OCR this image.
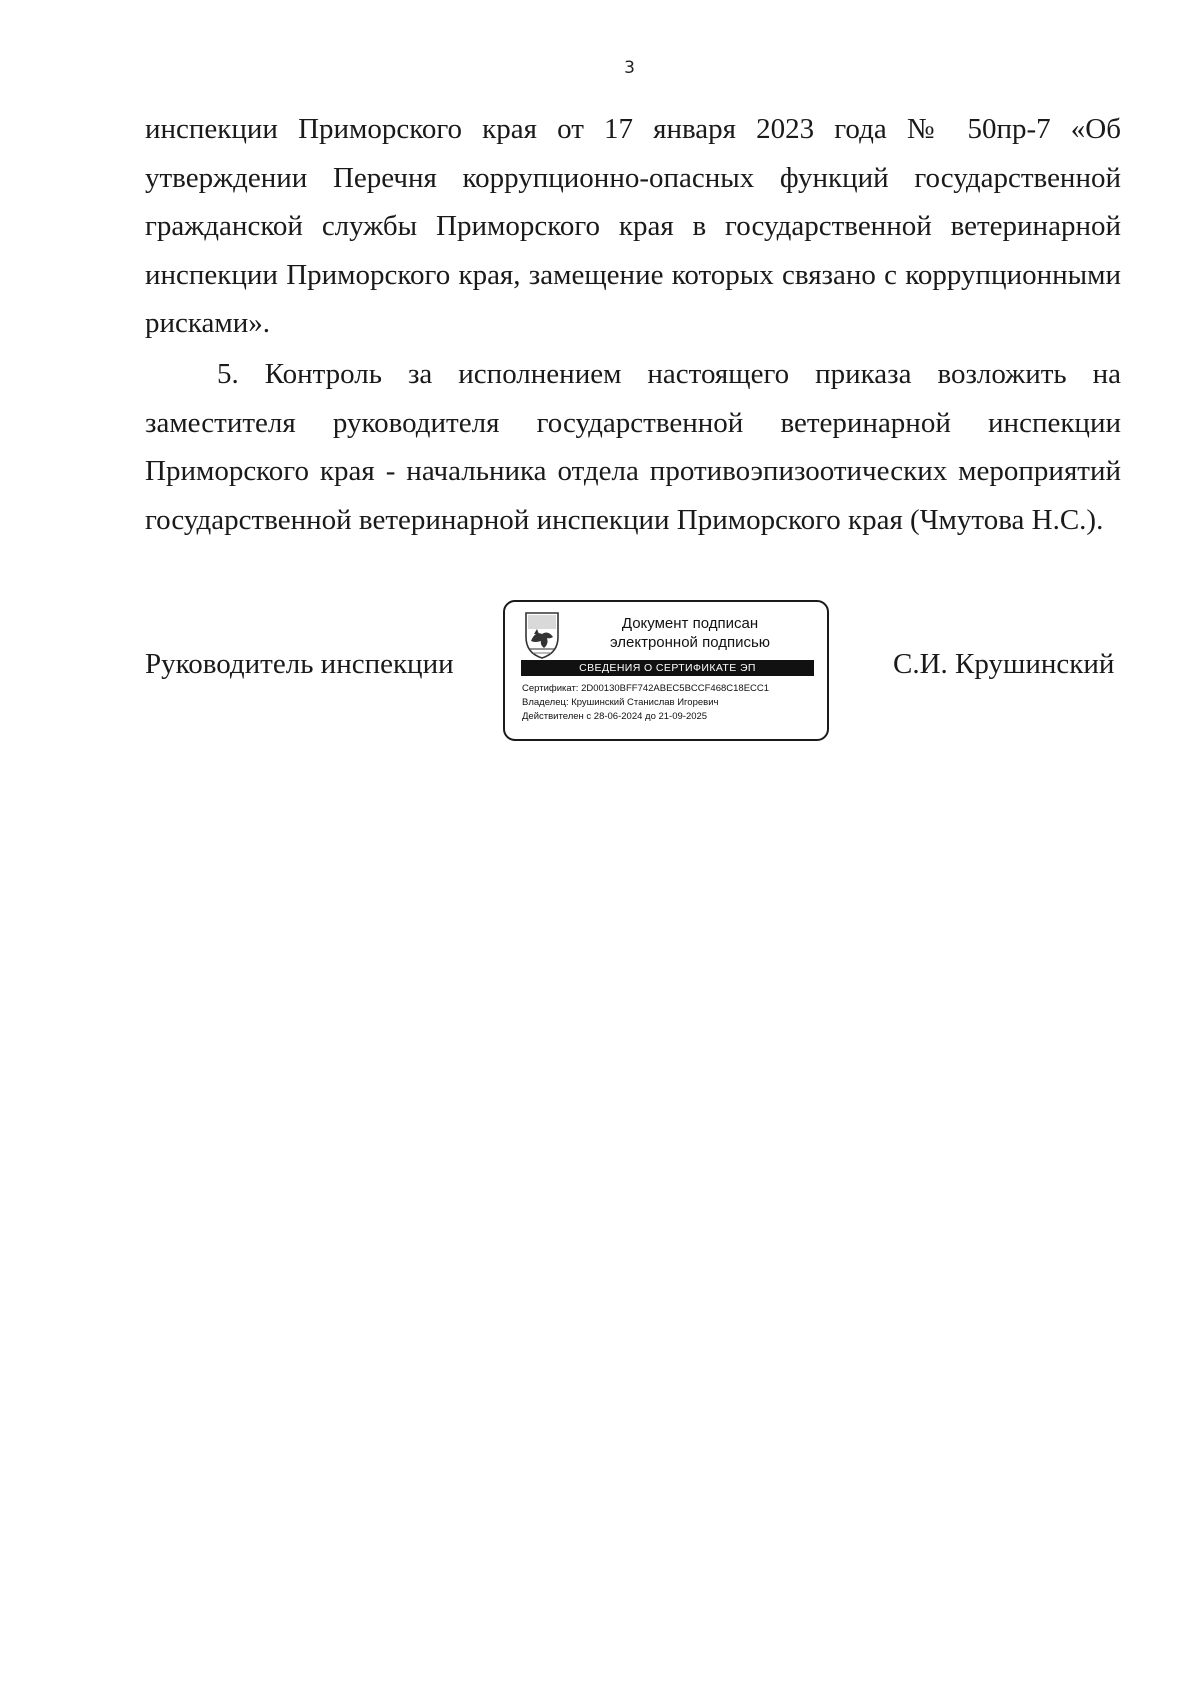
3

инспекции Приморского края от 17 января 2023 года № 50пр-7 «Об утверждении Перечня коррупционно-опасных функций государственной гражданской службы Приморского края в государственной ветеринарной инспекции Приморского края, замещение которых связано с коррупционными рисками».

5. Контроль за исполнением настоящего приказа возложить на заместителя руководителя государственной ветеринарной инспекции Приморского края - начальника отдела противоэпизоотических мероприятий государственной ветеринарной инспекции Приморского края (Чмутова Н.С.).

Руководитель инспекции
Документ подписан
электронной подписью
СВЕДЕНИЯ О СЕРТИФИКАТЕ ЭП
Сертификат: 2D00130BFF742ABEC5BCCF468C18ECC1
Владелец: Крушинский Станислав Игоревич
Действителен с 28-06-2024 до 21-09-2025
С.И. Крушинский
